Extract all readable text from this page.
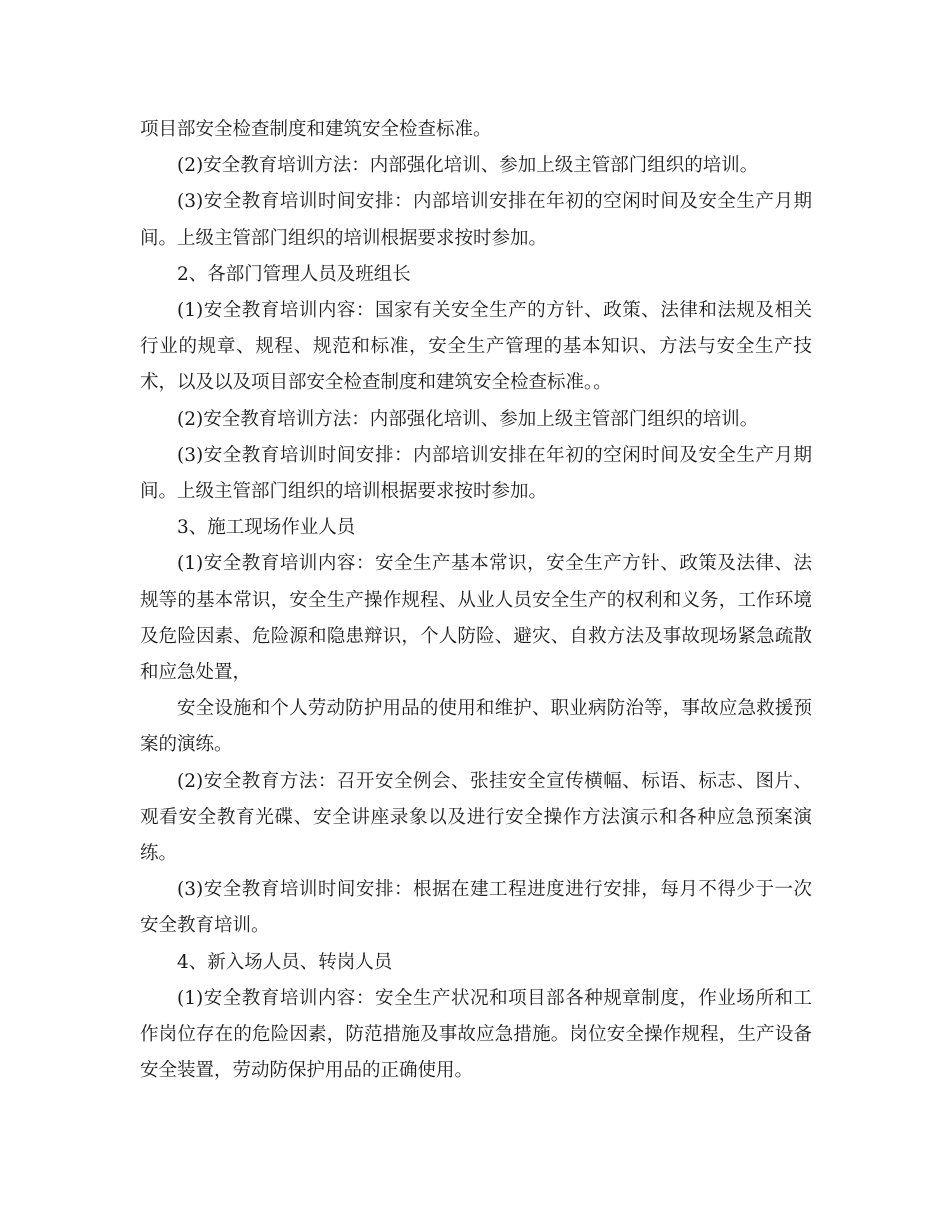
项目部安全检查制度和建筑安全检查标准。

(2)安全教育培训方法：内部强化培训、参加上级主管部门组织的培训。

(3)安全教育培训时间安排：内部培训安排在年初的空闲时间及安全生产月期间。上级主管部门组织的培训根据要求按时参加。

2、各部门管理人员及班组长

(1)安全教育培训内容：国家有关安全生产的方针、政策、法律和法规及相关行业的规章、规程、规范和标准，安全生产管理的基本知识、方法与安全生产技术，以及以及项目部安全检查制度和建筑安全检查标准。。

(2)安全教育培训方法：内部强化培训、参加上级主管部门组织的培训。

(3)安全教育培训时间安排：内部培训安排在年初的空闲时间及安全生产月期间。上级主管部门组织的培训根据要求按时参加。

3、施工现场作业人员

(1)安全教育培训内容：安全生产基本常识，安全生产方针、政策及法律、法规等的基本常识，安全生产操作规程、从业人员安全生产的权利和义务，工作环境及危险因素、危险源和隐患辩识，个人防险、避灾、自救方法及事故现场紧急疏散和应急处置，

安全设施和个人劳动防护用品的使用和维护、职业病防治等，事故应急救援预案的演练。

(2)安全教育方法：召开安全例会、张挂安全宣传横幅、标语、标志、图片、观看安全教育光碟、安全讲座录象以及进行安全操作方法演示和各种应急预案演练。

(3)安全教育培训时间安排：根据在建工程进度进行安排，每月不得少于一次安全教育培训。

4、新入场人员、转岗人员

(1)安全教育培训内容：安全生产状况和项目部各种规章制度，作业场所和工作岗位存在的危险因素，防范措施及事故应急措施。岗位安全操作规程，生产设备安全装置，劳动防保护用品的正确使用。
